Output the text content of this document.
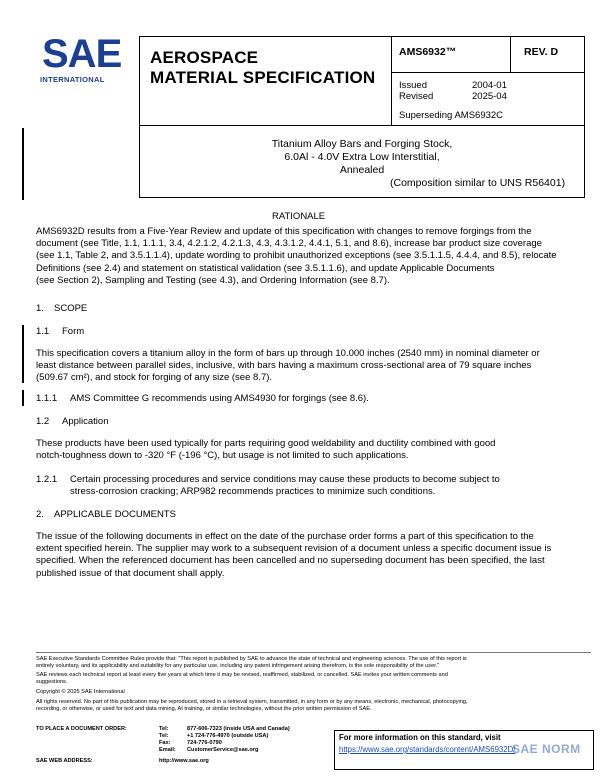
SAE
INTERNATIONAL
AEROSPACE
MATERIAL SPECIFICATION
AMS6932™	REV. D
Issued	2004-01
Revised	2025-04
Superseding AMS6932C
Titanium Alloy Bars and Forging Stock,
6.0Al - 4.0V Extra Low Interstitial,
Annealed
(Composition similar to UNS R56401)
RATIONALE
AMS6932D results from a Five-Year Review and update of this specification with changes to remove forgings from the
document (see Title, 1.1, 1.1.1, 3.4, 4.2.1.2, 4.2.1.3, 4.3, 4.3.1.2, 4.4.1, 5.1, and 8.6), increase bar product size coverage
(see 1.1, Table 2, and 3.5.1.1.4), update wording to prohibit unauthorized exceptions (see 3.5.1.1.5, 4.4.4, and 8.5), relocate
Definitions (see 2.4) and statement on statistical validation (see 3.5.1.1.6), and update Applicable Documents
(see Section 2), Sampling and Testing (see 4.3), and Ordering Information (see 8.7).
1. SCOPE
1.1 Form
This specification covers a titanium alloy in the form of bars up through 10.000 inches (2540 mm) in nominal diameter or
least distance between parallel sides, inclusive, with bars having a maximum cross-sectional area of 79 square inches
(509.67 cm²), and stock for forging of any size (see 8.7).
1.1.1 AMS Committee G recommends using AMS4930 for forgings (see 8.6).
1.2 Application
These products have been used typically for parts requiring good weldability and ductility combined with good
notch-toughness down to -320 °F (-196 °C), but usage is not limited to such applications.
1.2.1 Certain processing procedures and service conditions may cause these products to become subject to
stress-corrosion cracking; ARP982 recommends practices to minimize such conditions.
2. APPLICABLE DOCUMENTS
The issue of the following documents in effect on the date of the purchase order forms a part of this specification to the
extent specified herein. The supplier may work to a subsequent revision of a document unless a specific document issue is
specified. When the referenced document has been cancelled and no superseding document has been specified, the last
published issue of that document shall apply.
SAE Executive Standards Committee Rules provide that: "This report is published by SAE to advance the state of technical and engineering sciences. The use of this report is
entirely voluntary, and its applicability and suitability for any particular use, including any patent infringement arising therefrom, is the sole responsibility of the user."
SAE reviews each technical report at least every five years at which time it may be revised, reaffirmed, stabilized, or cancelled. SAE invites your written comments and
suggestions.
Copyright © 2025 SAE International
All rights reserved. No part of this publication may be reproduced, stored in a retrieval system, transmitted, in any form or by any means, electronic, mechanical, photocopying,
recording, or otherwise, or used for text and data mining, AI training, or similar technologies, without the prior written permission of SAE.
TO PLACE A DOCUMENT ORDER:	Tel:	877-606-7323 (inside USA and Canada)
Tel:	+1 724-776-4970 (outside USA)
Fax:	724-776-0790
Email:	CustomerService@sae.org
SAE WEB ADDRESS:	http://www.sae.org
For more information on this standard, visit
https://www.sae.org/standards/content/AMS6932D/
SAE NORM
